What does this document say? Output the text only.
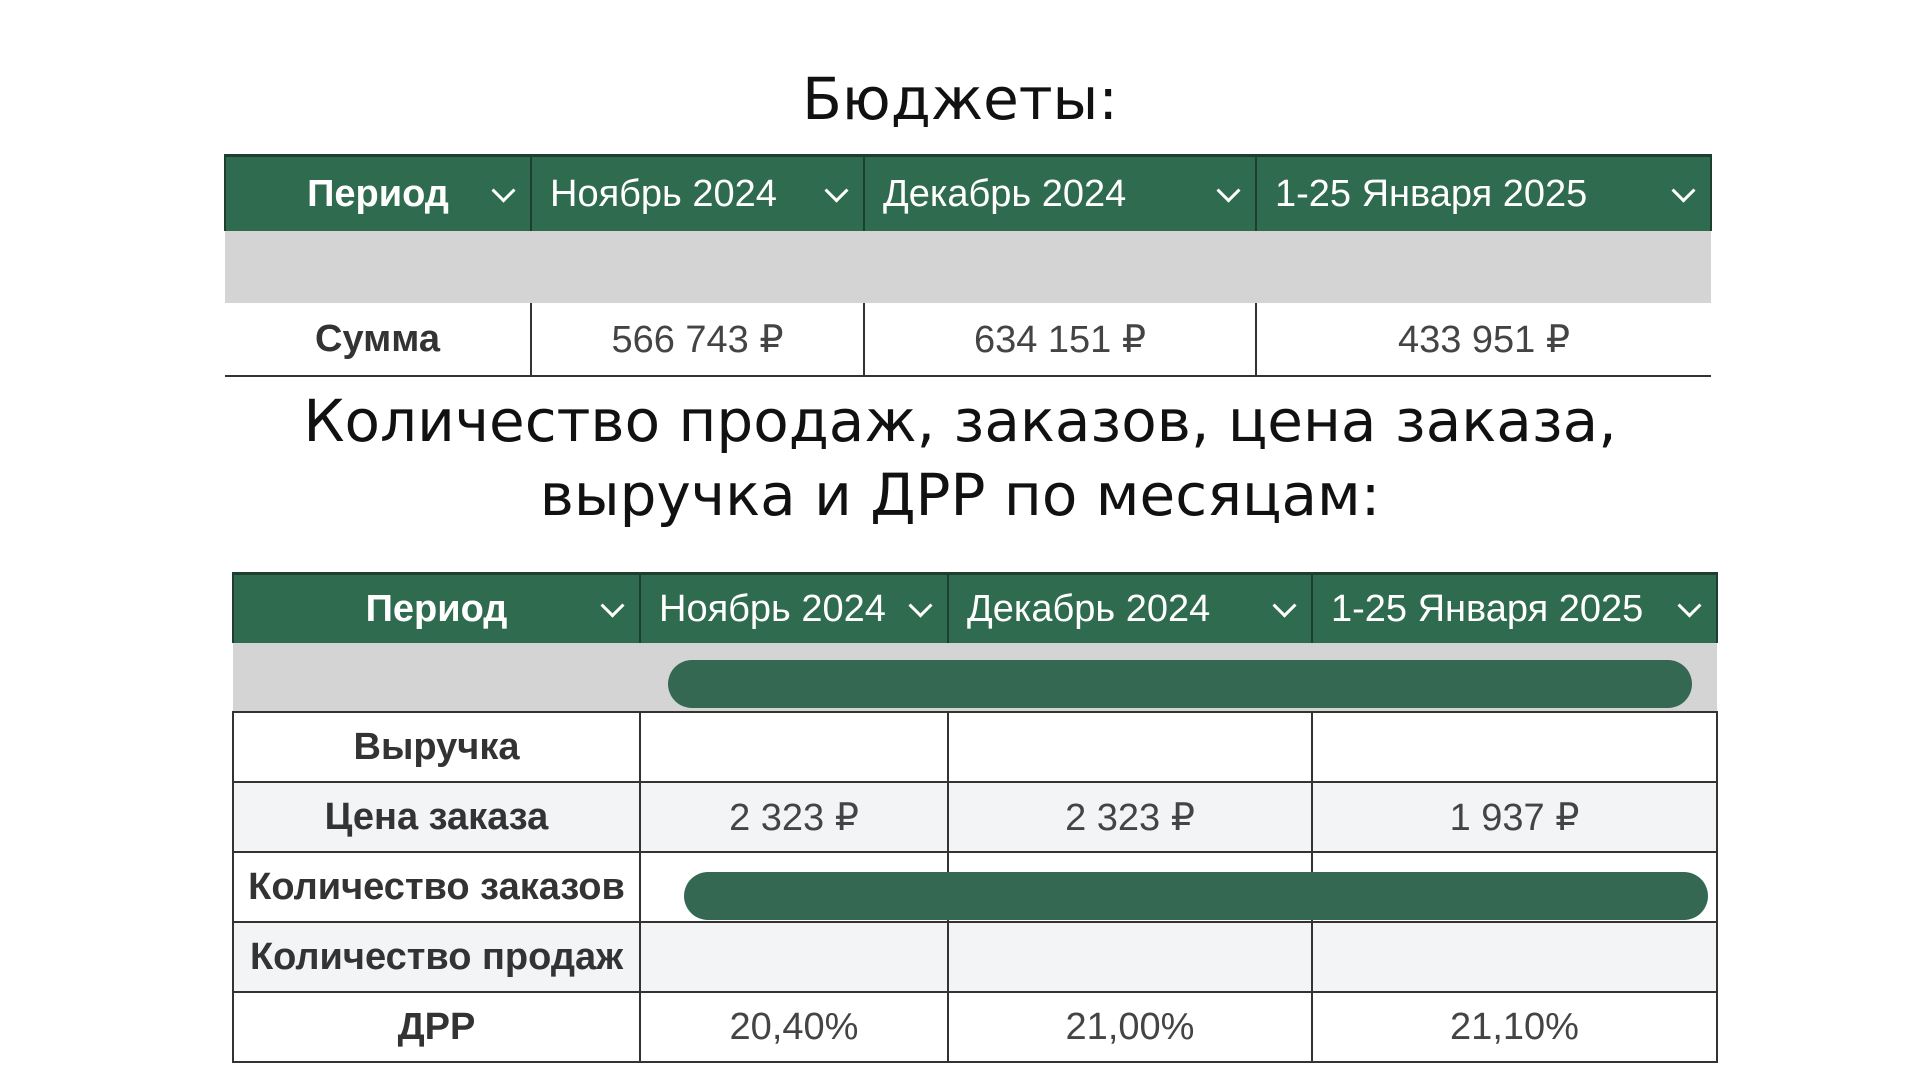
Бюджеты:
Период	Ноябрь 2024	Декабрь 2024	1-25 Января 2025

Сумма	566 743 ₽	634 151 ₽	433 951 ₽
Количество продаж, заказов, цена заказа,
выручка и ДРР по месяцам:
Период	Ноябрь 2024	Декабрь 2024	1-25 Января 2025

Выручка			
Цена заказа	2 323 ₽	2 323 ₽	1 937 ₽
Количество заказов			
Количество продаж			
ДРР	20,40%	21,00%	21,10%
